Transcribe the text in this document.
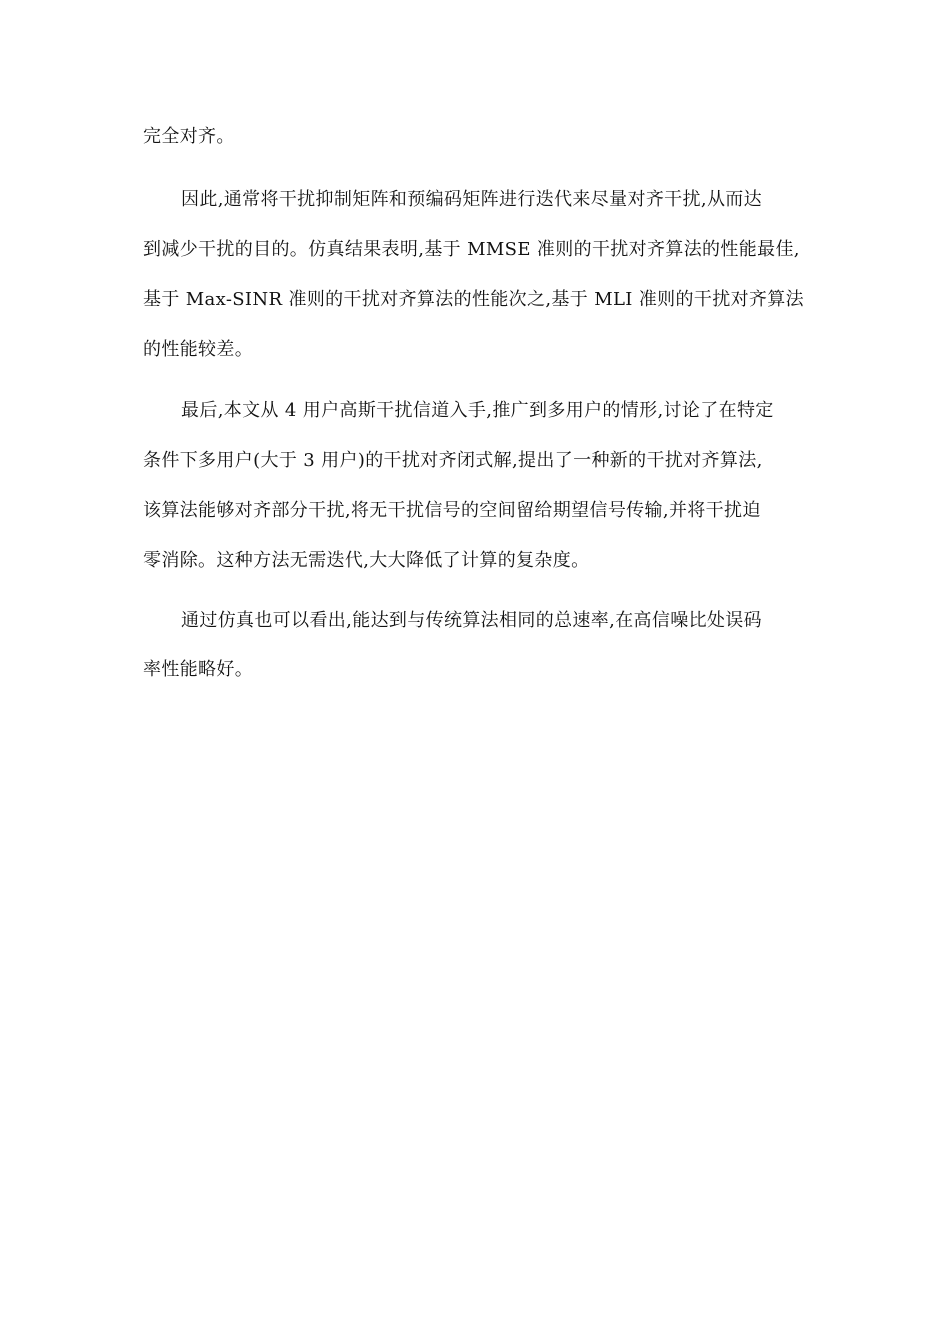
完全对齐。
因此,通常将干扰抑制矩阵和预编码矩阵进行迭代来尽量对齐干扰,从而达
到减少干扰的目的。仿真结果表明,基于 MMSE 准则的干扰对齐算法的性能最佳,
基于 Max-SINR 准则的干扰对齐算法的性能次之,基于 MLI 准则的干扰对齐算法
的性能较差。
最后,本文从 4 用户高斯干扰信道入手,推广到多用户的情形,讨论了在特定
条件下多用户(大于 3 用户)的干扰对齐闭式解,提出了一种新的干扰对齐算法,
该算法能够对齐部分干扰,将无干扰信号的空间留给期望信号传输,并将干扰迫
零消除。这种方法无需迭代,大大降低了计算的复杂度。
通过仿真也可以看出,能达到与传统算法相同的总速率,在高信噪比处误码
率性能略好。
